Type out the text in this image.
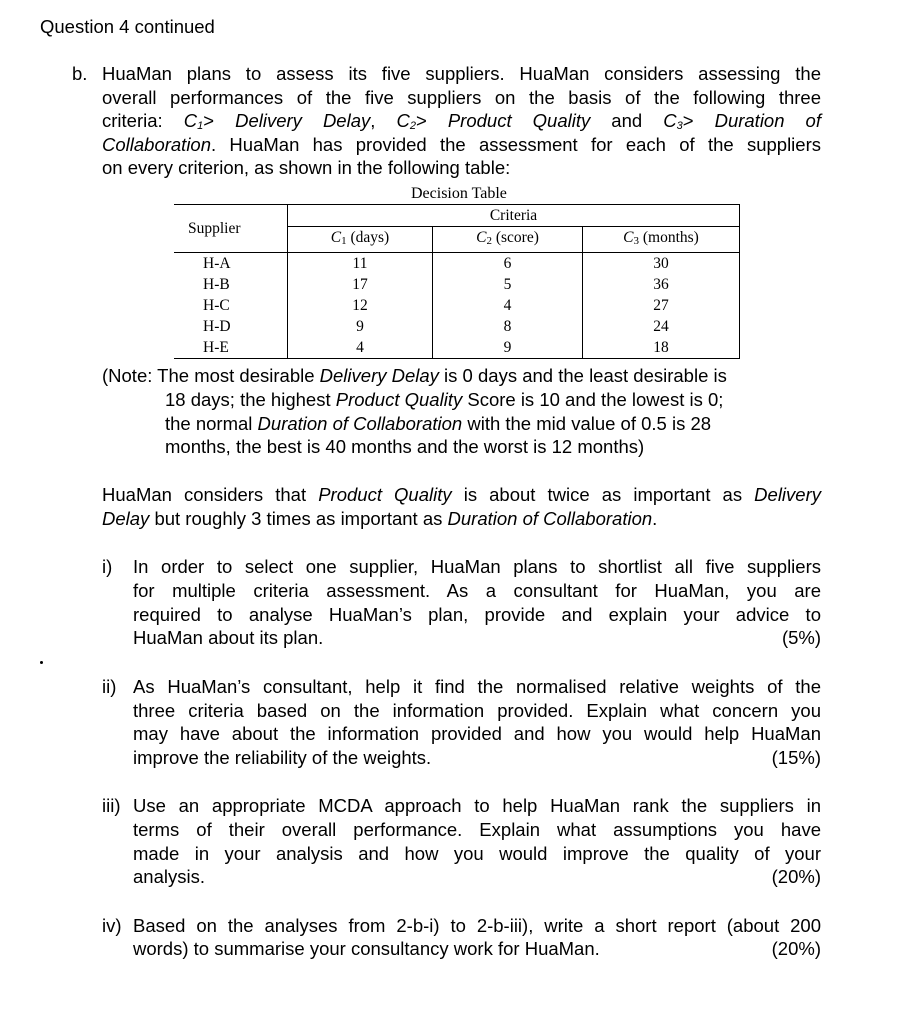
Question 4 continued
b. HuaMan plans to assess its five suppliers. HuaMan considers assessing the
overall performances of the five suppliers on the basis of the following three
criteria: C1> Delivery Delay, C2> Product Quality and C3> Duration of
Collaboration. HuaMan has provided the assessment for each of the suppliers
on every criterion, as shown in the following table:
Decision Table
Supplier	Criteria		
	C1 (days)	C2 (score)	C3 (months)
H-A	11	6	30
H-B	17	5	36
H-C	12	4	27
H-D	9	8	24
H-E	4	9	18
(Note: The most desirable Delivery Delay is 0 days and the least desirable is
18 days; the highest Product Quality Score is 10 and the lowest is 0;
the normal Duration of Collaboration with the mid value of 0.5 is 28
months, the best is 40 months and the worst is 12 months)
HuaMan considers that Product Quality is about twice as important as Delivery
Delay but roughly 3 times as important as Duration of Collaboration.
i) In order to select one supplier, HuaMan plans to shortlist all five suppliers
for multiple criteria assessment. As a consultant for HuaMan, you are
required to analyse HuaMan’s plan, provide and explain your advice to
HuaMan about its plan.	(5%)
ii) As HuaMan’s consultant, help it find the normalised relative weights of the
three criteria based on the information provided. Explain what concern you
may have about the information provided and how you would help HuaMan
improve the reliability of the weights.	(15%)
iii) Use an appropriate MCDA approach to help HuaMan rank the suppliers in
terms of their overall performance. Explain what assumptions you have
made in your analysis and how you would improve the quality of your
analysis.	(20%)
iv) Based on the analyses from 2-b-i) to 2-b-iii), write a short report (about 200
words) to summarise your consultancy work for HuaMan.	(20%)
